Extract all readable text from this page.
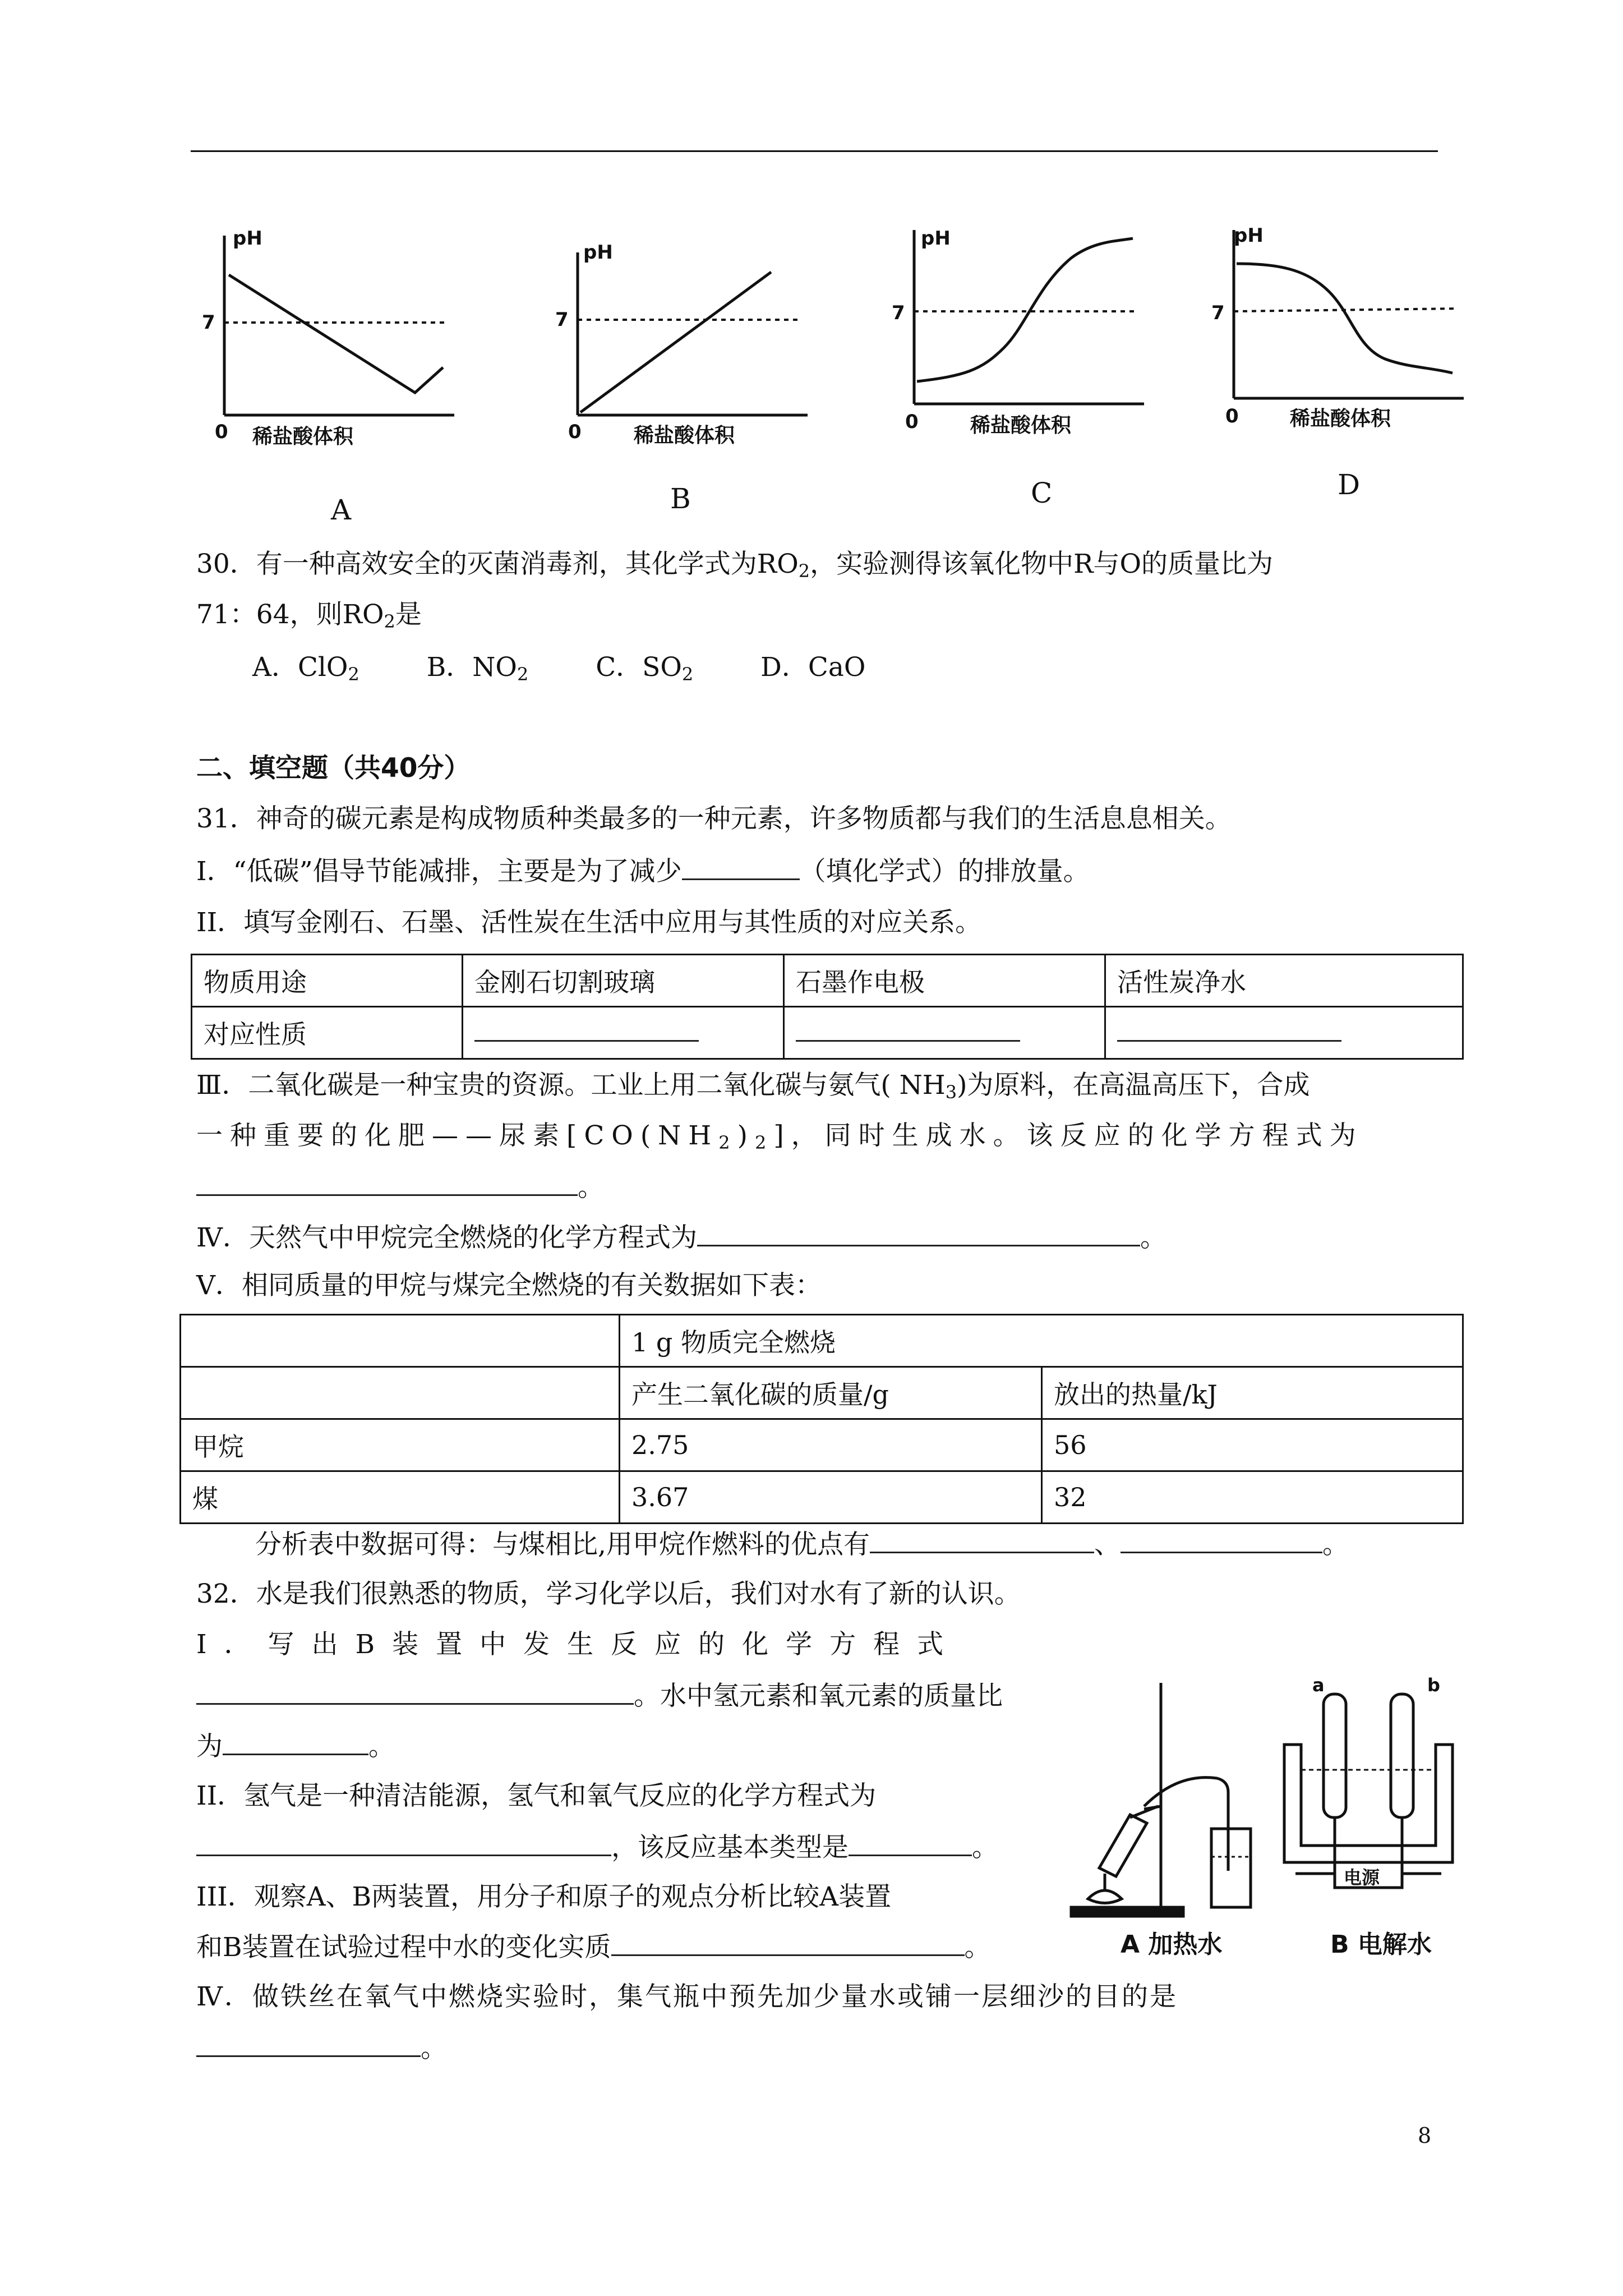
pH
7
0 稀盐酸体积
A
pH
7
0	稀盐酸体积
B
pH
7
0	稀盐酸体积
C
pH
7
0	稀盐酸体积
D
30．有一种高效安全的灭菌消毒剂，其化学式为$RO_2$，实验测得该氧化物中R与O的质量比为
71：64，则$RO_2$是
A．ClO$_2$	B．$NO_2$	C．$SO_2$	D．CaO
二、填空题（共40分）
31．神奇的碳元素是构成物质种类最多的一种元素，许多物质都与我们的生活息息相关。
I．“低碳”倡导节能减排，主要是为了减少	（填化学式）的排放量。
II．填写金刚石、石墨、活性炭在生活中应用与其性质的对应关系。
物质用途	金刚石切割玻璃	石墨作电极	活性炭净水
对应性质			
Ⅲ．二氧化碳是一种宝贵的资源。工业上用二氧化碳与氨气( $NH_3$)为原料，在高温高压下，合成
一种重要的化肥——尿素$[CO(NH_2)_2]$，同时生成水。该反应的化学方程式为
。
Ⅳ．天然气中甲烷完全燃烧的化学方程式为	。
V．相同质量的甲烷与煤完全燃烧的有关数据如下表：
	1 g 物质完全燃烧	
	产生二氧化碳的质量/g	放出的热量/kJ
甲烷	2.75	56
煤	3.67	32
分析表中数据可得：与煤相比,用甲烷作燃料的优点有	、	。
32．水是我们很熟悉的物质，学习化学以后，我们对水有了新的认识。
I．写出B装置中发生反应的化学方程式
。水中氢元素和氧元素的质量比
为	。
II．氢气是一种清洁能源，氢气和氧气反应的化学方程式为
，该反应基本类型是	。
III．观察A、B两装置，用分子和原子的观点分析比较A装置
和B装置在试验过程中水的变化实质	。
Ⅳ．做铁丝在氧气中燃烧实验时，集气瓶中预先加少量水或铺一层细沙的目的是
。
a	b
电源
A 加热水	B 电解水
8
